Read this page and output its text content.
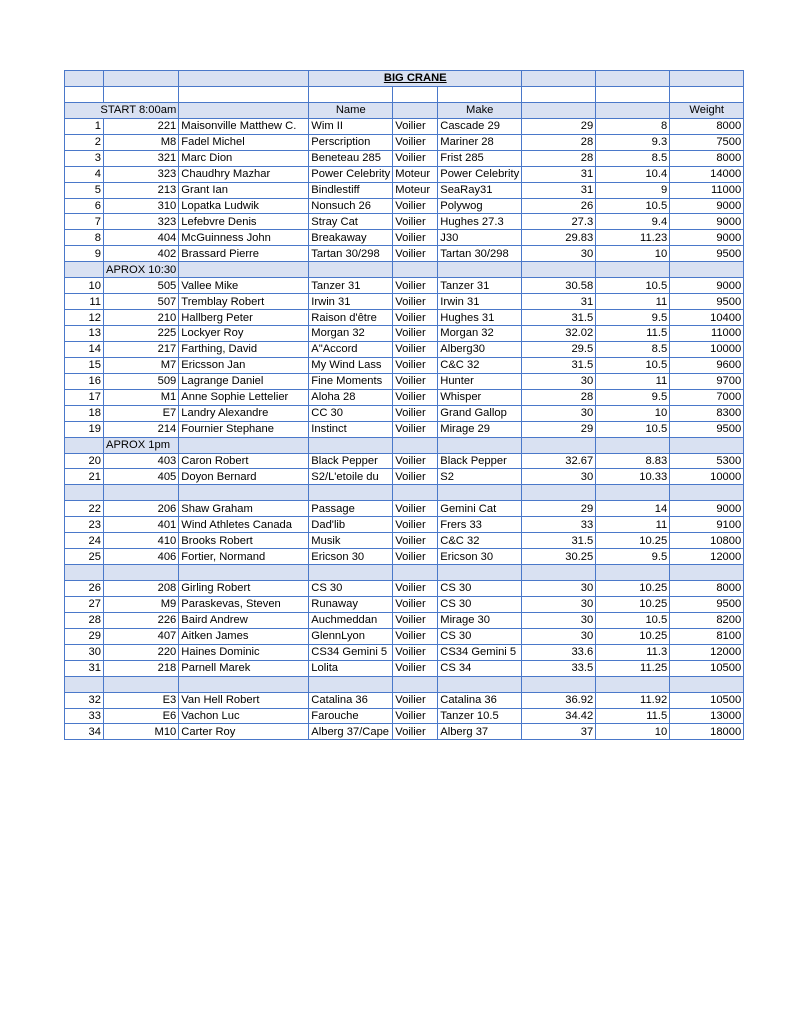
			BIG CRANE					

START 8:00am			Name		Make			Weight
1	221	Maisonville Matthew C.	Wim II	Voilier	Cascade 29	29	8	8000
2	M8	Fadel Michel	Perscription	Voilier	Mariner 28	28	9.3	7500
3	321	Marc Dion	Beneteau 285	Voilier	Frist 285	28	8.5	8000
4	323	Chaudhry Mazhar	Power Celebrity	Moteur	Power Celebrity	31	10.4	14000
5	213	Grant Ian	Bindlestiff	Moteur	SeaRay31	31	9	11000
6	310	Lopatka Ludwik	Nonsuch 26	Voilier	Polywog	26	10.5	9000
7	323	Lefebvre Denis	Stray Cat	Voilier	Hughes 27.3	27.3	9.4	9000
8	404	McGuinness John	Breakaway	Voilier	J30	29.83	11.23	9000
9	402	Brassard Pierre	Tartan 30/298	Voilier	Tartan 30/298	30	10	9500
	APROX 10:30							
10	505	Vallee Mike	Tanzer 31	Voilier	Tanzer 31	30.58	10.5	9000
11	507	Tremblay Robert	Irwin 31	Voilier	Irwin 31	31	11	9500
12	210	Hallberg Peter	Raison d'être	Voilier	Hughes 31	31.5	9.5	10400
13	225	Lockyer Roy	Morgan 32	Voilier	Morgan 32	32.02	11.5	11000
14	217	Farthing, David	A"Accord	Voilier	Alberg30	29.5	8.5	10000
15	M7	Ericsson Jan	My Wind Lass	Voilier	C&C 32	31.5	10.5	9600
16	509	Lagrange Daniel	Fine Moments	Voilier	Hunter	30	11	9700
17	M1	Anne Sophie Lettelier	Aloha 28	Voilier	Whisper	28	9.5	7000
18	E7	Landry Alexandre	CC 30	Voilier	Grand Gallop	30	10	8300
19	214	Fournier Stephane	Instinct	Voilier	Mirage 29	29	10.5	9500
	APROX 1pm							
20	403	Caron Robert	Black Pepper	Voilier	Black Pepper	32.67	8.83	5300
21	405	Doyon Bernard	S2/L'etoile du	Voilier	S2	30	10.33	10000

22	206	Shaw Graham	Passage	Voilier	Gemini Cat	29	14	9000
23	401	Wind Athletes Canada	Dad'lib	Voilier	Frers 33	33	11	9100
24	410	Brooks Robert	Musik	Voilier	C&C 32	31.5	10.25	10800
25	406	Fortier, Normand	Ericson 30	Voilier	Ericson 30	30.25	9.5	12000

26	208	Girling Robert	CS 30	Voilier	CS 30	30	10.25	8000
27	M9	Paraskevas, Steven	Runaway	Voilier	CS 30	30	10.25	9500
28	226	Baird Andrew	Auchmeddan	Voilier	Mirage 30	30	10.5	8200
29	407	Aitken James	GlennLyon	Voilier	CS 30	30	10.25	8100
30	220	Haines Dominic	CS34 Gemini 5	Voilier	CS34 Gemini 5	33.6	11.3	12000
31	218	Parnell Marek	Lolita	Voilier	CS 34	33.5	11.25	10500

32	E3	Van Hell Robert	Catalina 36	Voilier	Catalina 36	36.92	11.92	10500
33	E6	Vachon Luc	Farouche	Voilier	Tanzer 10.5	34.42	11.5	13000
34	M10	Carter Roy	Alberg 37/Cape	Voilier	Alberg 37	37	10	18000
